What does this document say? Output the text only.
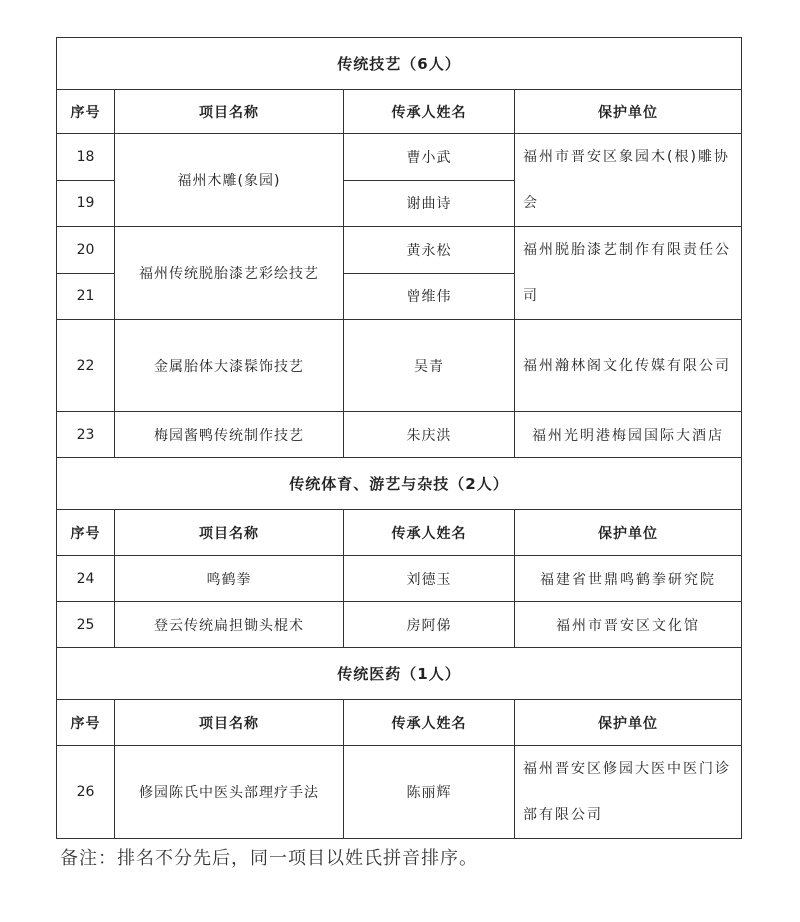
传统技艺（6人）			
序号	项目名称	传承人姓名	保护单位
18	福州木雕(象园)	曹小武	福州市晋安区象园木(根)雕协会
19		谢曲诗	
20	福州传统脱胎漆艺彩绘技艺	黄永松	福州脱胎漆艺制作有限责任公司
21		曾维伟	
22	金属胎体大漆髹饰技艺	吴青	福州瀚林阁文化传媒有限公司
23	梅园酱鸭传统制作技艺	朱庆洪	福州光明港梅园国际大酒店
传统体育、游艺与杂技（2人）			
序号	项目名称	传承人姓名	保护单位
24	鸣鹤拳	刘德玉	福建省世鼎鸣鹤拳研究院
25	登云传统扁担锄头棍术	房阿俤	福州市晋安区文化馆
传统医药（1人）			
序号	项目名称	传承人姓名	保护单位
26	修园陈氏中医头部理疗手法	陈丽辉	福州晋安区修园大医中医门诊部有限公司
备注：排名不分先后，同一项目以姓氏拼音排序。
